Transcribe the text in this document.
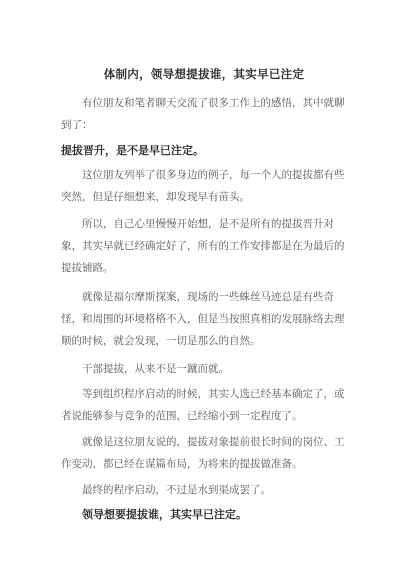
体制内，领导想提拔谁，其实早已注定

有位朋友和笔者聊天交流了很多工作上的感悟，其中就聊到了：

提拔晋升，是不是早已注定。

这位朋友列举了很多身边的例子，每一个人的提拔都有些突然，但是仔细想来，却发现早有苗头。

所以，自己心里慢慢开始想，是不是所有的提拔晋升对象，其实早就已经确定好了，所有的工作安排都是在为最后的提拔铺路。

就像是福尔摩斯探案，现场的一些蛛丝马迹总是有些奇怪，和周围的环境格格不入，但是当按照真相的发展脉络去理顺的时候，就会发现，一切是那么的自然。

干部提拔，从来不是一蹴而就。

等到组织程序启动的时候，其实人选已经基本确定了，或者说能够参与竞争的范围，已经缩小到一定程度了。

就像是这位朋友说的，提拔对象提前很长时间的岗位、工作变动，都已经在谋篇布局，为将来的提拔做准备。

最终的程序启动，不过是水到渠成罢了。

领导想要提拔谁，其实早已注定。
